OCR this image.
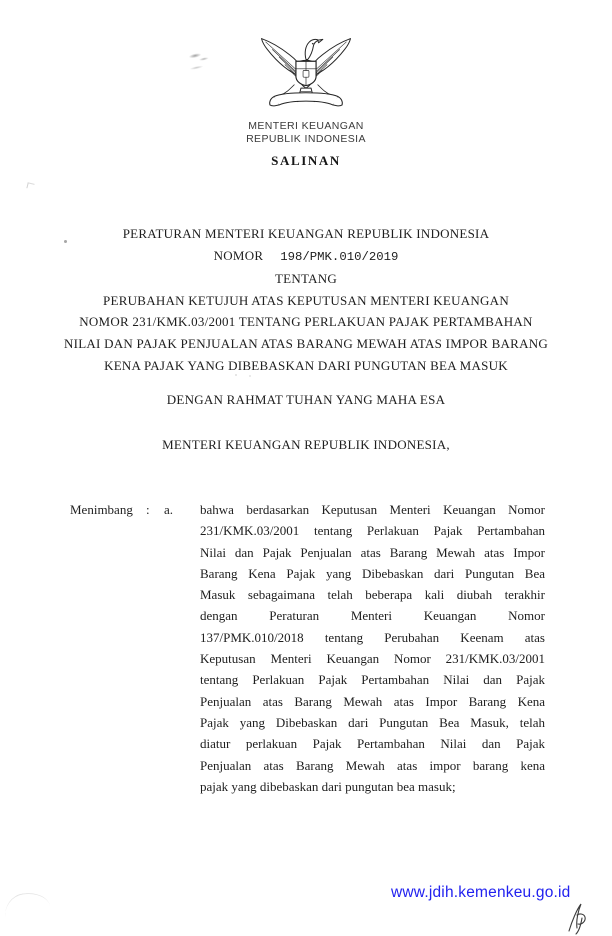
MENTERI KEUANGAN
REPUBLIK INDONESIA
SALINAN
PERATURAN MENTERI KEUANGAN REPUBLIK INDONESIA
NOMOR 198/PMK.010/2019
TENTANG
PERUBAHAN KETUJUH ATAS KEPUTUSAN MENTERI KEUANGAN
NOMOR 231/KMK.03/2001 TENTANG PERLAKUAN PAJAK PERTAMBAHAN
NILAI DAN PAJAK PENJUALAN ATAS BARANG MEWAH ATAS IMPOR BARANG
KENA PAJAK YANG DIBEBASKAN DARI PUNGUTAN BEA MASUK
DENGAN RAHMAT TUHAN YANG MAHA ESA
MENTERI KEUANGAN REPUBLIK INDONESIA,
Menimbang	:	a.	bahwa berdasarkan Keputusan Menteri Keuangan Nomor
231/KMK.03/2001 tentang Perlakuan Pajak Pertambahan
Nilai dan Pajak Penjualan atas Barang Mewah atas Impor
Barang Kena Pajak yang Dibebaskan dari Pungutan Bea
Masuk sebagaimana telah beberapa kali diubah terakhir
dengan Peraturan Menteri Keuangan Nomor
137/PMK.010/2018 tentang Perubahan Keenam atas
Keputusan Menteri Keuangan Nomor 231/KMK.03/2001
tentang Perlakuan Pajak Pertambahan Nilai dan Pajak
Penjualan atas Barang Mewah atas Impor Barang Kena
Pajak yang Dibebaskan dari Pungutan Bea Masuk, telah
diatur perlakuan Pajak Pertambahan Nilai dan Pajak
Penjualan atas Barang Mewah atas impor barang kena
pajak yang dibebaskan dari pungutan bea masuk;
www.jdih.kemenkeu.go.id
